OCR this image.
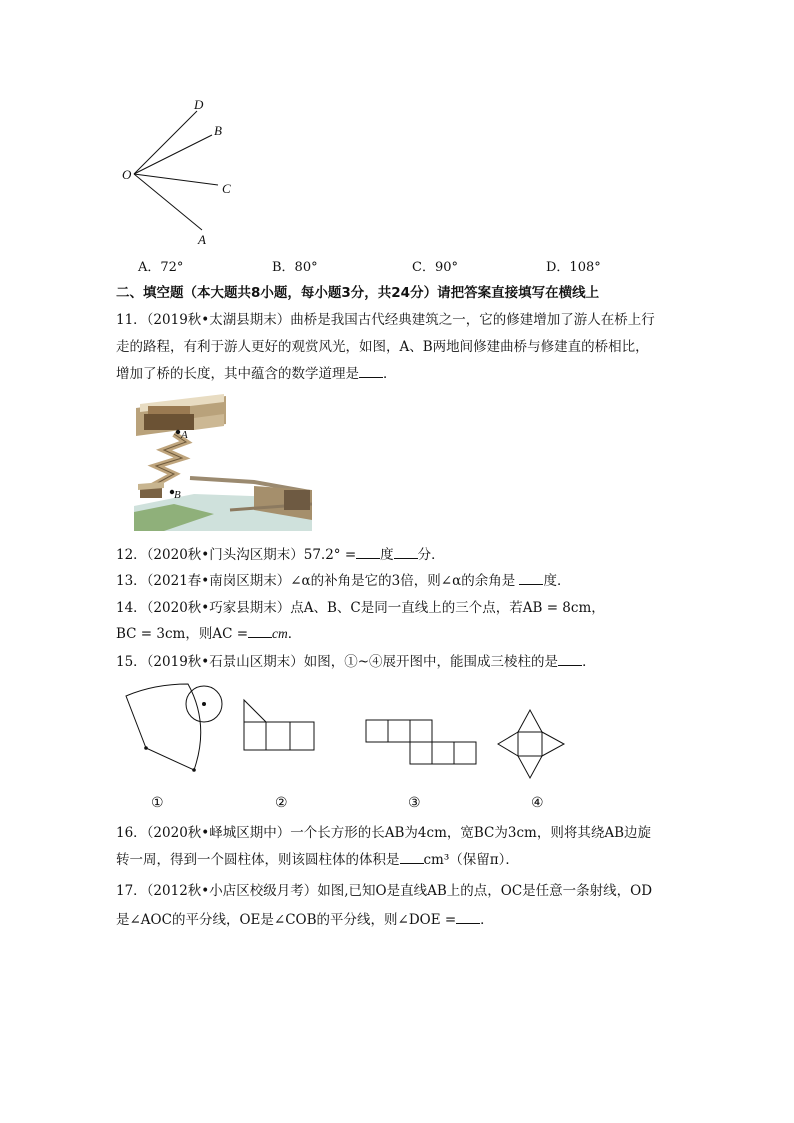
D
B
O
C
A
A．72°	B．80°	C．90°	D．108°
二、填空题（本大题共8小题，每小题3分，共24分）请把答案直接填写在横线上
11．（2019秋•太湖县期末）曲桥是我国古代经典建筑之一，它的修建增加了游人在桥上行
走的路程，有利于游人更好的观赏风光，如图，A、B两地间修建曲桥与修建直的桥相比，
增加了桥的长度，其中蕴含的数学道理是 ．
A
B
12．（2020秋•门头沟区期末）57.2° = 度 分．
13．（2021春•南岗区期末）∠α的补角是它的3倍，则∠α的余角是 度．
14．（2020秋•巧家县期末）点A、B、C是同一直线上的三个点，若AB = 8cm，
BC = 3cm，则AC = cm．
15．（2019秋•石景山区期末）如图，①~④展开图中，能围成三棱柱的是 ．
①	②	③	④
16．（2020秋•峄城区期中）一个长方形的长AB为4cm，宽BC为3cm，则将其绕AB边旋
转一周，得到一个圆柱体，则该圆柱体的体积是 cm³（保留π）．
17．（2012秋•小店区校级月考）如图,已知O是直线AB上的点，OC是任意一条射线，OD
是∠AOC的平分线，OE是∠COB的平分线，则∠DOE = ．
